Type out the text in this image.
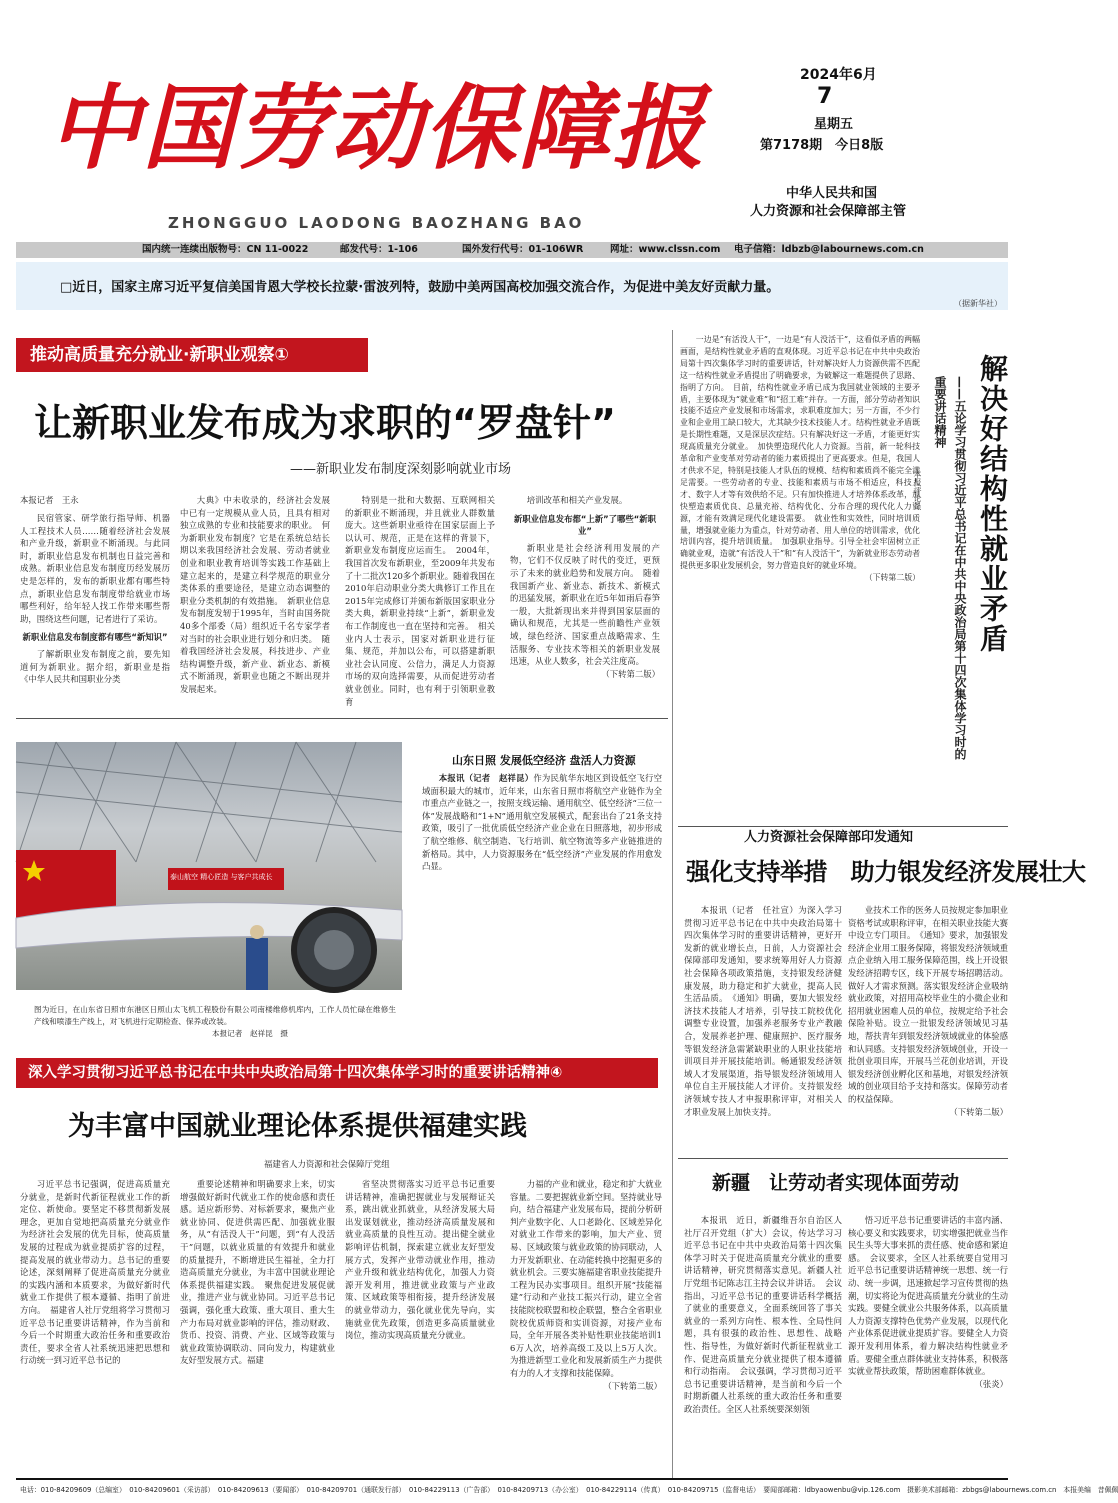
中国劳动保障报
ZHONGGUO LAODONG BAOZHANG BAO
2024年6月
7
星期五
第7178期　今日8版
中华人民共和国
人力资源和社会保障部主管
国内统一连续出版物号：CN 11-0022	邮发代号：1-106	国外发行代号：01-106WR	网址：www.clssn.com 电子信箱：ldbzb@labournews.com.cn
□近日，国家主席习近平复信美国肯恩大学校长拉蒙·雷波列特，鼓励中美两国高校加强交流合作，为促进中美友好贡献力量。
（据新华社）
推动高质量充分就业·新职业观察①
让新职业发布成为求职的“罗盘针”
——新职业发布制度深刻影响就业市场
本报记者　王永

民宿管家、研学旅行指导师、机器人工程技术人员……随着经济社会发展和产业升级，新职业不断涌现。与此同时，新职业信息发布机制也日益完善和成熟。新职业信息发布制度历经发展历史是怎样的，发布的新职业都有哪些特点，新职业信息发布制度带给就业市场哪些利好，给年轻人找工作带来哪些帮助，围绕这些问题，记者进行了采访。

新职业信息发布制度都有哪些“新知识”

了解新职业发布制度之前，要先知道何为新职业。据介绍，新职业是指《中华人民共和国职业分类

大典》中未收录的，经济社会发展中已有一定规模从业人员，且具有相对独立成熟的专业和技能要求的职业。　何为新职业发布制度？它是在系统总结长期以来我国经济社会发展、劳动者就业创业和职业教育培训等实践工作基础上建立起来的，是建立科学规范的职业分类体系的重要途径，是建立动态调整的职业分类机制的有效措施。　新职业信息发布制度发轫于1995年，当时由国务院40多个部委（局）组织近千名专家学者对当时的社会职业进行划分和归类。　随着我国经济社会发展，科技进步、产业结构调整升级，新产业、新业态、新模式不断涌现，新职业也随之不断出现并发展起来。

特别是一批和大数据、互联网相关的新职业不断涌现，并且就业人群数量庞大。这些新职业亟待在国家层面上予以认可、规范，正是在这样的背景下，新职业发布制度应运而生。　2004年，我国首次发布新职业，至2009年共发布了十二批次120多个新职业。随着我国在2010年启动职业分类大典修订工作且在2015年完成修订并颁布新版国家职业分类大典，新职业持续“上新”，新职业发布工作制度也一直在坚持和完善。　相关业内人士表示，国家对新职业进行征集、规范，并加以公布，可以搭建新职业社会认同度、公信力，满足人力资源市场的双向选择需要，从而促进劳动者就业创业。同时，也有利于引领职业教育

培训改革和相关产业发展。

新职业信息发布都“上新”了哪些“新职业”

新职业是社会经济利用发展的产物，它们不仅反映了时代的变迁，更预示了未来的就业趋势和发展方向。　随着我国新产业、新业态、新技术、新模式的迅猛发展，新职业在近5年如雨后春笋一般，大批新现出来并得到国家层面的确认和规范，尤其是一些前瞻性产业领域，绿色经济、国家重点战略需求、生活服务、专业技术等相关的新职业发展迅速，从业人数多，社会关注度高。

（下转第二版）
泰山航空 精心匠造 与客户共成长
图为近日，在山东省日照市东港区日照山太飞机工程股份有限公司南楼维修机库内，工作人员忙碌在维修生产线和喷漆生产线上，对飞机进行定期检查、保养或改装。
本报记者　赵祥昆　摄
山东日照 发展低空经济 盘活人力资源

本报讯（记者　赵祥昆）作为民航华东地区到设低空飞行空域面积最大的城市，近年来，山东省日照市将航空产业链作为全市重点产业链之一，按照支线运输、通用航空、低空经济“三位一体”发展战略和“1+N”通用航空发展模式，配套出台了21条支持政策，吸引了一批优质低空经济产业企业在日照落地，初步形成了航空维修、航空制造、飞行培训、航空物流等多产业链推进的新格局。其中，人力资源服务在“低空经济”产业发展的作用愈发凸显。

深入学习贯彻习近平总书记在中共中央政治局第十四次集体学习时的重要讲话精神④
为丰富中国就业理论体系提供福建实践
福建省人力资源和社会保障厅党组

习近平总书记强调，促进高质量充分就业，是新时代新征程就业工作的新定位、新使命。要坚定不移贯彻新发展理念，更加自觉地把高质量充分就业作为经济社会发展的优先目标，使高质量发展的过程成为就业提质扩容的过程，提高发展的就业带动力。总书记的重要论述，深刻阐释了促进高质量充分就业的实践内涵和本质要求，为做好新时代就业工作提供了根本遵循、指明了前进方向。　福建省人社厅党组将学习贯彻习近平总书记重要讲话精神，作为当前和今后一个时期重大政治任务和重要政治责任，要求全省人社系统迅速把思想和行动统一到习近平总书记的

重要论述精神和明确要求上来，切实增强做好新时代就业工作的使命感和责任感。适应新形势、对标新要求，聚焦产业就业协同、促进供需匹配、加强就业服务，从“有活没人干”问题，到“有人没活干”问题，以就业质量的有效提升和就业的质量提升，不断增进民生福祉，全力打造高质量充分就业，为丰富中国就业理论体系提供福建实践。　聚焦促进发展促就业，推进产业与就业协同。习近平总书记强调，强化重大政策、重大项目、重大生产力布局对就业影响的评估，推动财政、货币、投资、消费、产业、区域等政策与就业政策协调联动、同向发力，构建就业友好型发展方式。福建

省坚决贯彻落实习近平总书记重要讲话精神，准确把握就业与发展辩证关系，跳出就业抓就业，从经济发展大局出发谋划就业，推动经济高质量发展和就业高质量的良性互动。提出健全就业影响评估机制，探索建立就业友好型发展方式，发挥产业带动就业作用，推动产业升级和就业结构优化，加强人力资源开发利用，推进就业政策与产业政策、区域政策等相衔接，提升经济发展的就业带动力，强化就业优先导向，实施就业优先政策，创造更多高质量就业岗位，推动实现高质量充分就业。

力福的产业和就业，稳定和扩大就业容量。二要把握就业新空间。坚持就业导向，结合福建产业发展布局，提前分析研判产业数字化、人口老龄化、区域差异化对就业工作带来的影响，加大产业、贸易、区域政策与就业政策的协同联动，人力开发新职业、在动能转换中挖掘更多的就业机会。三要实施福建省职业技能提升工程为民办实事项目。组织开展“技能福建”行动和产业技工振兴行动，建立全省技能院校联盟和校企联盟，整合全省职业院校优质师资和实训资源，对接产业布局，全年开展各类补贴性职业技能培训16万人次，培养高级工及以上5万人次。为推进新型工业化和发展新质生产力提供有力的人才支撑和技能保障。

（下转第二版）

一边是“有活没人干”，一边是“有人没活干”，这看似矛盾的两幅画面，是结构性就业矛盾的直观体现。习近平总书记在中共中央政治局第十四次集体学习时的重要讲话，针对解决好人力资源供需不匹配这一结构性就业矛盾提出了明确要求，为破解这一难题提供了思路、指明了方向。　目前，结构性就业矛盾已成为我国就业领域的主要矛盾，主要体现为“就业难”和“招工难”并存。一方面，部分劳动者知识技能不适应产业发展和市场需求，求职难度加大；另一方面，不少行业和企业用工缺口较大，尤其缺少技术技能人才。结构性就业矛盾既是长期性难题，又是深层次症结。只有解决好这一矛盾，才能更好实现高质量充分就业。　加快塑造现代化人力资源。当前，新一轮科技革命和产业变革对劳动者的能力素质提出了更高要求。但是，我国人才供求不足，特别是技能人才队伍的规模、结构和素质尚不能完全满足需要。一些劳动者的专业、技能和素质与市场不相适应，科技人才、数字人才等有效供给不足。只有加快推进人才培养体系改革，加快塑造素质优良、总量充裕、结构优化、分布合理的现代化人力资源，才能有效满足现代化建设需要。　就业性和实效性，同时培训质量，增强就业能力为重点，针对劳动者、用人单位的培训需求，优化培训内容，提升培训质量。　加强职业指导。引导全社会牢固树立正确就业观，造就“有活没人干”和“有人没活干”，为新就业形态劳动者提供更多职业发展机会，努力营造良好的就业环境。

（下转第二版） 解决好结构性就业矛盾
——五论学习贯彻习近平总书记在中共中央政治局第十四次集体学习时的重要讲话精神
本报评论员
人力资源社会保障部印发通知
强化支持举措　助力银发经济发展壮大

本报讯（记者　任社宣）为深入学习贯彻习近平总书记在中共中央政治局第十四次集体学习时的重要讲话精神，更好开发新的就业增长点，日前，人力资源社会保障部印发通知，要求统筹用好人力资源社会保障各项政策措施，支持银发经济健康发展，助力稳定和扩大就业，提高人民生活品质。　《通知》明确，要加大银发经济技术技能人才培养，引导技工院校优化调整专业设置，加强养老服务专业产教融合，发展养老护理、健康照护、医疗服务等银发经济急需紧缺职业的人职业技能培训项目并开展技能培训。畅通银发经济领域人才发展渠道，指导银发经济领域用人单位自主开展技能人才评价。支持银发经济领域专技人才申报职称评审，对相关人才职业发展上加快支持。

业技术工作的医务人员按规定参加职业资格考试或职称评审，在相关职业技能大赛中设立专门项目。　《通知》要求，加强银发经济企业用工服务保障，将银发经济领域重点企业纳入用工服务保障范围，线上开设银发经济招聘专区，线下开展专场招聘活动。做好人才需求预测。落实银发经济企业吸纳就业政策，对招用高校毕业生的小微企业和招用就业困难人员的单位，按规定给予社会保险补贴。设立一批银发经济领域见习基地，帮扶青年到银发经济领域就业的体验感和认同感。支持银发经济领域创业，开设一批创业项目库，开展马兰花创业培训，开设银发经济创业孵化区和基地，对银发经济领域的创业项目给予支持和落实。保障劳动者的权益保障。

（下转第二版）
新疆　让劳动者实现体面劳动

本报讯　近日，新疆维吾尔自治区人社厅召开党组（扩大）会议，传达学习习近平总书记在中共中央政治局第十四次集体学习时关于促进高质量充分就业的重要讲话精神，研究贯彻落实意见。新疆人社厅党组书记陈志江主持会议并讲话。　会议指出，习近平总书记的重要讲话科学概括了就业的重要意义，全面系统回答了事关就业的一系列方向性、根本性、全局性问题，具有很强的政治性、思想性、战略性、指导性，为做好新时代新征程就业工作、促进高质量充分就业提供了根本遵循和行动指南。　会议强调，学习贯彻习近平总书记重要讲话精神，是当前和今后一个时期新疆人社系统的重大政治任务和重要政治责任。全区人社系统要深刻领

悟习近平总书记重要讲话的丰富内涵、核心要义和实践要求，切实增强把就业当作民生头等大事来抓的责任感、使命感和紧迫感。　会议要求，全区人社系统要自觉用习近平总书记重要讲话精神统一思想、统一行动、统一步调，迅速掀起学习宣传贯彻的热潮，切实将论为促进高质量充分就业的生动实践。要健全就业公共服务体系，以高质量人力资源支撑特色优势产业发展，以现代化产业体系促进就业提质扩容。要健全人力资源开发利用体系，着力解决结构性就业矛盾。要健全重点群体就业支持体系，积极落实就业帮扶政策，帮助困难群体就业。

（张炎）
电话：010-84209609（总编室）　010-84209601（采访部）　010-84209613（要闻部）　010-84209701（通联发行部）　010-84229113（广告部）　010-84209713（办公室）　010-84229114（传真）　010-84209715（监督电话）　要闻部邮箱：ldbyaowenbu@vip.126.com　摄影美术部邮箱：zbbgs@labournews.com.cn　本报美编　昔佩佩
